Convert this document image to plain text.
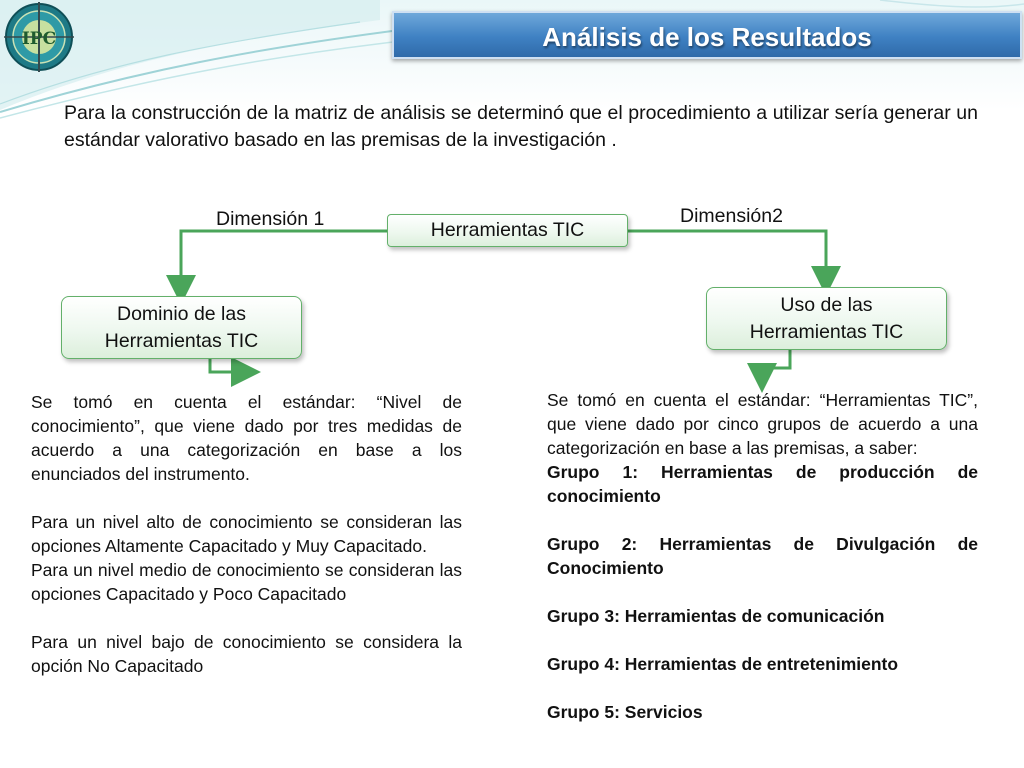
IPC	Análisis de los Resultados
Para la construcción de la matriz de análisis se determinó que el procedimiento a utilizar sería generar un estándar valorativo basado en las premisas de la investigación .
Dimensión 1	Dimensión2
Herramientas TIC
Dominio de las
Herramientas TIC
Uso de las
Herramientas TIC

Se tomó en cuenta el estándar: “Nivel de conocimiento”, que viene dado por tres medidas de acuerdo a una categorización en base a los enunciados del instrumento.

Para un nivel alto de conocimiento se consideran las opciones Altamente Capacitado y Muy Capacitado.

Para un nivel medio de conocimiento se consideran las opciones Capacitado y Poco Capacitado

Para un nivel bajo de conocimiento se considera la opción No Capacitado

Se tomó en cuenta el estándar: “Herramientas TIC”, que viene dado por cinco grupos de acuerdo a una categorización en base a las premisas, a saber:

Grupo 1: Herramientas de producción de conocimiento

Grupo 2: Herramientas de Divulgación de Conocimiento

Grupo 3: Herramientas de comunicación

Grupo 4: Herramientas de entretenimiento

Grupo 5: Servicios
